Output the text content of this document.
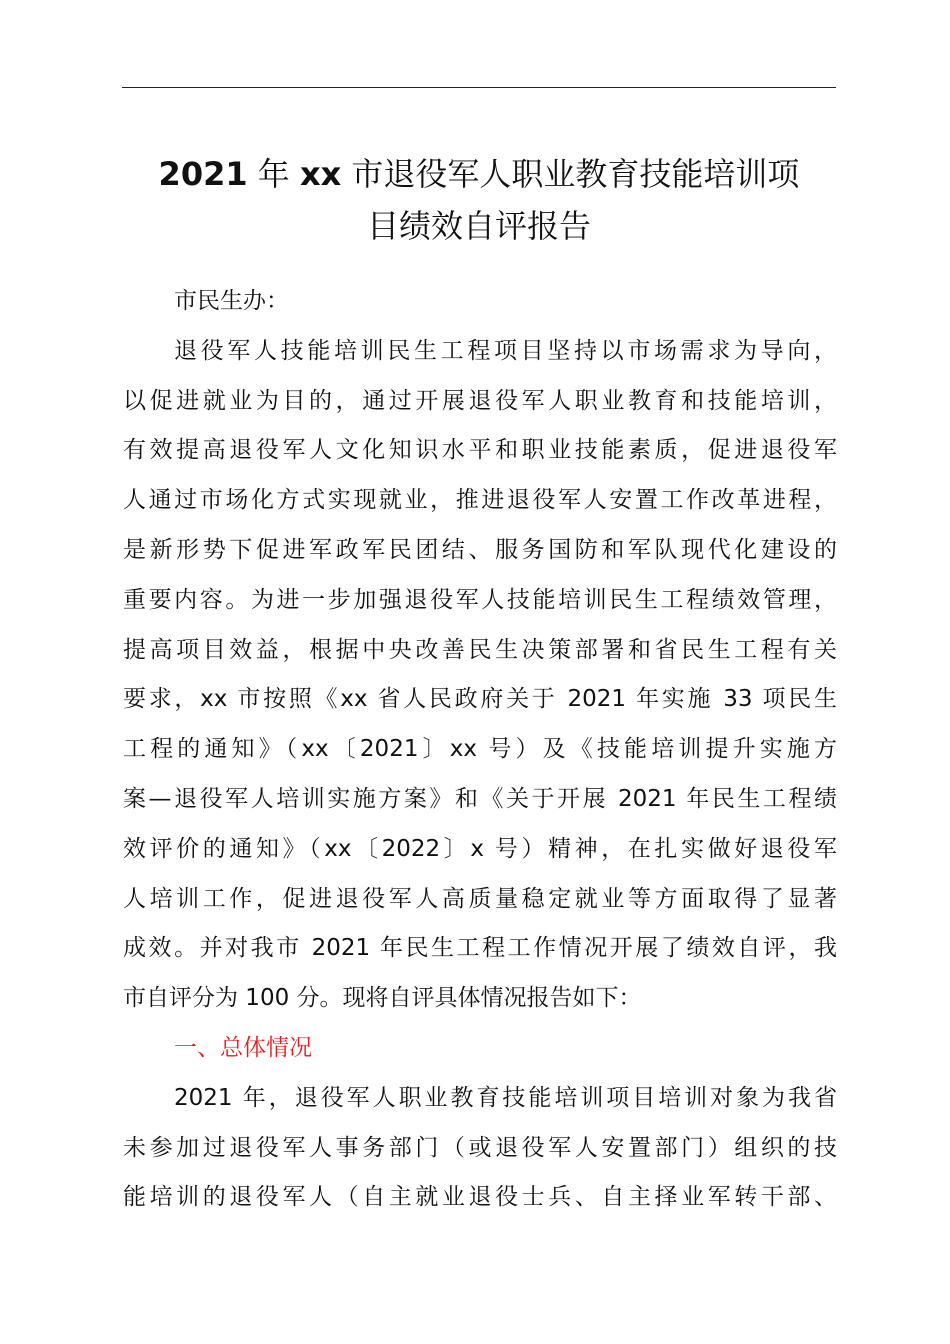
2021 年 xx 市退役军人职业教育技能培训项
目绩效自评报告
市民生办：
退役军人技能培训民生工程项目坚持以市场需求为导向，
以促进就业为目的，通过开展退役军人职业教育和技能培训，
有效提高退役军人文化知识水平和职业技能素质，促进退役军
人通过市场化方式实现就业，推进退役军人安置工作改革进程，
是新形势下促进军政军民团结、服务国防和军队现代化建设的
重要内容。为进一步加强退役军人技能培训民生工程绩效管理，
提高项目效益，根据中央改善民生决策部署和省民生工程有关
要求，xx 市按照《xx 省人民政府关于 2021 年实施 33 项民生
工程的通知》（xx〔2021〕xx 号）及《技能培训提升实施方
案—退役军人培训实施方案》和《关于开展 2021 年民生工程绩
效评价的通知》（xx〔2022〕x 号）精神，在扎实做好退役军
人培训工作，促进退役军人高质量稳定就业等方面取得了显著
成效。并对我市 2021 年民生工程工作情况开展了绩效自评，我
市自评分为 100 分。现将自评具体情况报告如下：
一、总体情况
2021 年，退役军人职业教育技能培训项目培训对象为我省
未参加过退役军人事务部门（或退役军人安置部门）组织的技
能培训的退役军人（自主就业退役士兵、自主择业军转干部、
